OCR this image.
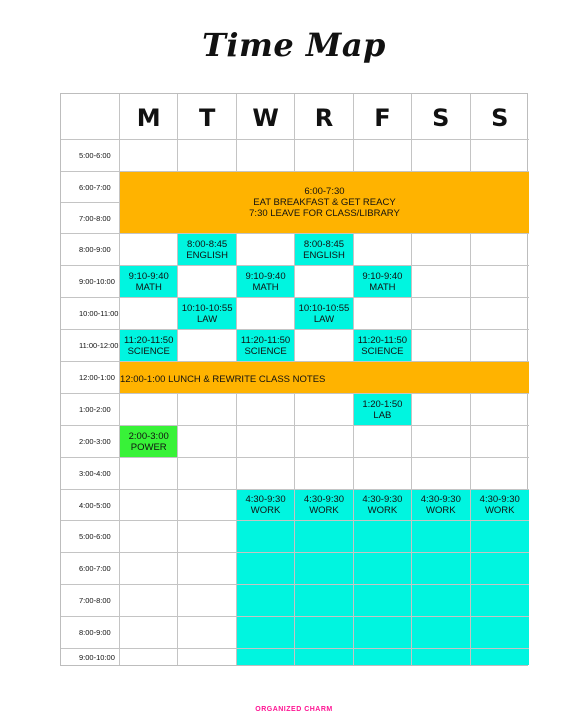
Time Map
M T W R F S S
5:00-6:00
6:00-7:00
7:00-8:00
8:00-9:00
9:00-10:00
10:00-11:00
11:00-12:00
12:00-1:00
1:00-2:00
2:00-3:00
3:00-4:00
4:00-5:00
5:00-6:00
6:00-7:00
7:00-8:00
8:00-9:00
9:00-10:00
6:00-7:30
EAT BREAKFAST & GET REACY
7:30 LEAVE FOR CLASS/LIBRARY
8:00-8:45
ENGLISH
8:00-8:45
ENGLISH
9:10-9:40
MATH
9:10-9:40
MATH
9:10-9:40
MATH
10:10-10:55
LAW
10:10-10:55
LAW
11:20-11:50
SCIENCE
11:20-11:50
SCIENCE
11:20-11:50
SCIENCE
12:00-1:00 LUNCH & REWRITE CLASS NOTES
1:20-1:50
LAB
2:00-3:00
POWER
4:30-9:30
WORK
4:30-9:30
WORK
4:30-9:30
WORK
4:30-9:30
WORK
4:30-9:30
WORK
ORGANIZED CHARM
